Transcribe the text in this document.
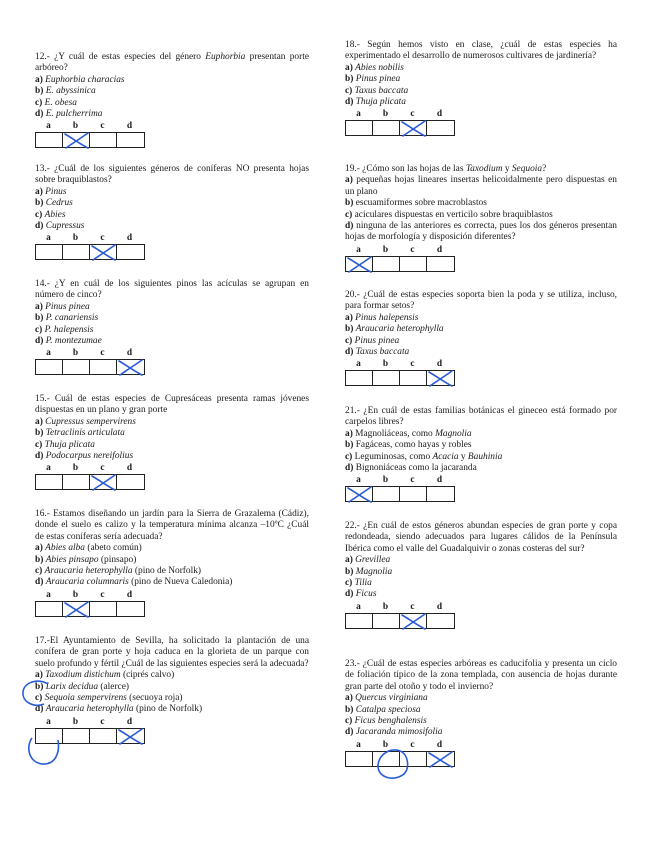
12.- ¿Y cuál de estas especies del género Euphorbia presentan porte arbóreo?

a) Euphorbia characias

b) E. abyssinica

c) E. obesa

d) E. pulcherrima

a	b	c	d

13.- ¿Cuál de los siguientes géneros de coníferas NO presenta hojas sobre braquiblastos?

a) Pinus

b) Cedrus

c) Abies

d) Cupressus

a	b	c	d

14.- ¿Y en cuál de los siguientes pinos las acículas se agrupan en número de cinco?

a) Pinus pinea

b) P. canariensis

c) P. halepensis

d) P. montezumae

a	b	c	d

15.- Cuál de estas especies de Cupresáceas presenta ramas jóvenes dispuestas en un plano y gran porte

a) Cupressus sempervirens

b) Tetraclinis articulata

c) Thuja plicata

d) Podocarpus nereifolius

a	b	c	d

16.- Estamos diseñando un jardín para la Sierra de Grazalema (Cádiz), donde el suelo es calizo y la temperatura mínima alcanza –10ºC ¿Cuál de estas coníferas sería adecuada?

a) Abies alba (abeto común)

b) Abies pinsapo (pinsapo)

c) Araucaria heterophylla (pino de Norfolk)

d) Araucaria columnaris (pino de Nueva Caledonia)

a	b	c	d

17.-El Ayuntamiento de Sevilla, ha solicitado la plantación de una conífera de gran porte y hoja caduca en la glorieta de un parque con suelo profundo y fértil ¿Cuál de las siguientes especies será la adecuada?

a) Taxodium distichum (ciprés calvo)

b) Larix decidua (alerce)

c) Sequoia sempervirens (secuoya roja)

d) Araucaria heterophylla (pino de Norfolk)

a	b	c	d

18.- Según hemos visto en clase, ¿cuál de estas especies ha experimentado el desarrollo de numerosos cultivares de jardinería?

a) Abies nobilis

b) Pinus pinea

c) Taxus baccata

d) Thuja plicata

a	b	c	d

19.- ¿Cómo son las hojas de las Taxodium y Sequoia?

a) pequeñas hojas lineares insertas helicoidalmente pero dispuestas en un plano

b) escuamiformes sobre macroblastos

c) aciculares dispuestas en verticilo sobre braquiblastos

d) ninguna de las anteriores es correcta, pues los dos géneros presentan hojas de morfología y disposición diferentes?

a	b	c	d

20.- ¿Cuál de estas especies soporta bien la poda y se utiliza, incluso, para formar setos?

a) Pinus halepensis

b) Araucaria heterophylla

c) Pinus pinea

d) Taxus baccata

a	b	c	d

21.- ¿En cuál de estas familias botánicas el gineceo está formado por carpelos libres?

a) Magnoliáceas, como Magnolia

b) Fagáceas, como hayas y robles

c) Leguminosas, como Acacia y Bauhinia

d) Bignoniáceas como la jacaranda

a	b	c	d

22.- ¿En cuál de estos géneros abundan especies de gran porte y copa redondeada, siendo adecuados para lugares cálidos de la Península Ibérica como el valle del Guadalquivir o zonas costeras del sur?

a) Grevillea

b) Magnolia

c) Tilia

d) Ficus

a	b	c	d

23.- ¿Cuál de estas especies arbóreas es caducifolia y presenta un ciclo de foliación típico de la zona templada, con ausencia de hojas durante gran parte del otoño y todo el invierno?

a) Quercus virginiana

b) Catalpa speciosa

c) Ficus benghalensis

d) Jacaranda mimosifolia

a	b	c	d
